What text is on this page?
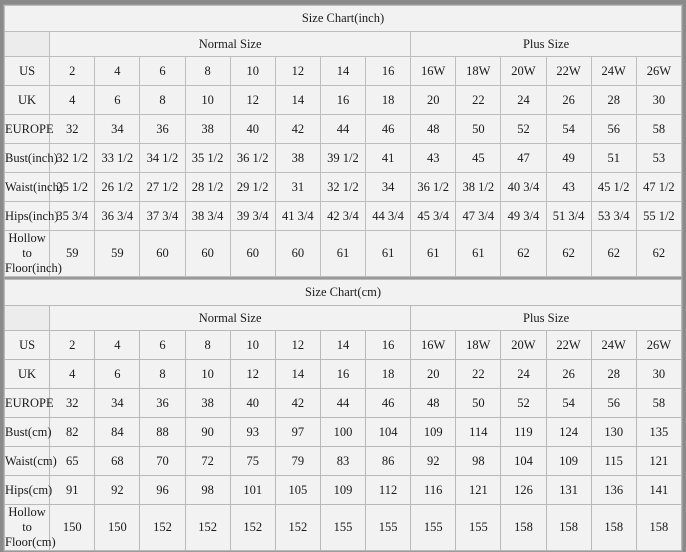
Size Chart(inch)														
	Normal Size								Plus Size					
US	2	4	6	8	10	12	14	16	16W	18W	20W	22W	24W	26W
UK	4	6	8	10	12	14	16	18	20	22	24	26	28	30
EUROPE	32	34	36	38	40	42	44	46	48	50	52	54	56	58
Bust(inch)	32 1/2	33 1/2	34 1/2	35 1/2	36 1/2	38	39 1/2	41	43	45	47	49	51	53
Waist(inch)	25 1/2	26 1/2	27 1/2	28 1/2	29 1/2	31	32 1/2	34	36 1/2	38 1/2	40 3/4	43	45 1/2	47 1/2
Hips(inch)	35 3/4	36 3/4	37 3/4	38 3/4	39 3/4	41 3/4	42 3/4	44 3/4	45 3/4	47 3/4	49 3/4	51 3/4	53 3/4	55 1/2
Hollow to Floor(inch)	59	59	60	60	60	60	61	61	61	61	62	62	62	62
Size Chart(cm)														
	Normal Size								Plus Size					
US	2	4	6	8	10	12	14	16	16W	18W	20W	22W	24W	26W
UK	4	6	8	10	12	14	16	18	20	22	24	26	28	30
EUROPE	32	34	36	38	40	42	44	46	48	50	52	54	56	58
Bust(cm)	82	84	88	90	93	97	100	104	109	114	119	124	130	135
Waist(cm)	65	68	70	72	75	79	83	86	92	98	104	109	115	121
Hips(cm)	91	92	96	98	101	105	109	112	116	121	126	131	136	141
Hollow to Floor(cm)	150	150	152	152	152	152	155	155	155	155	158	158	158	158
